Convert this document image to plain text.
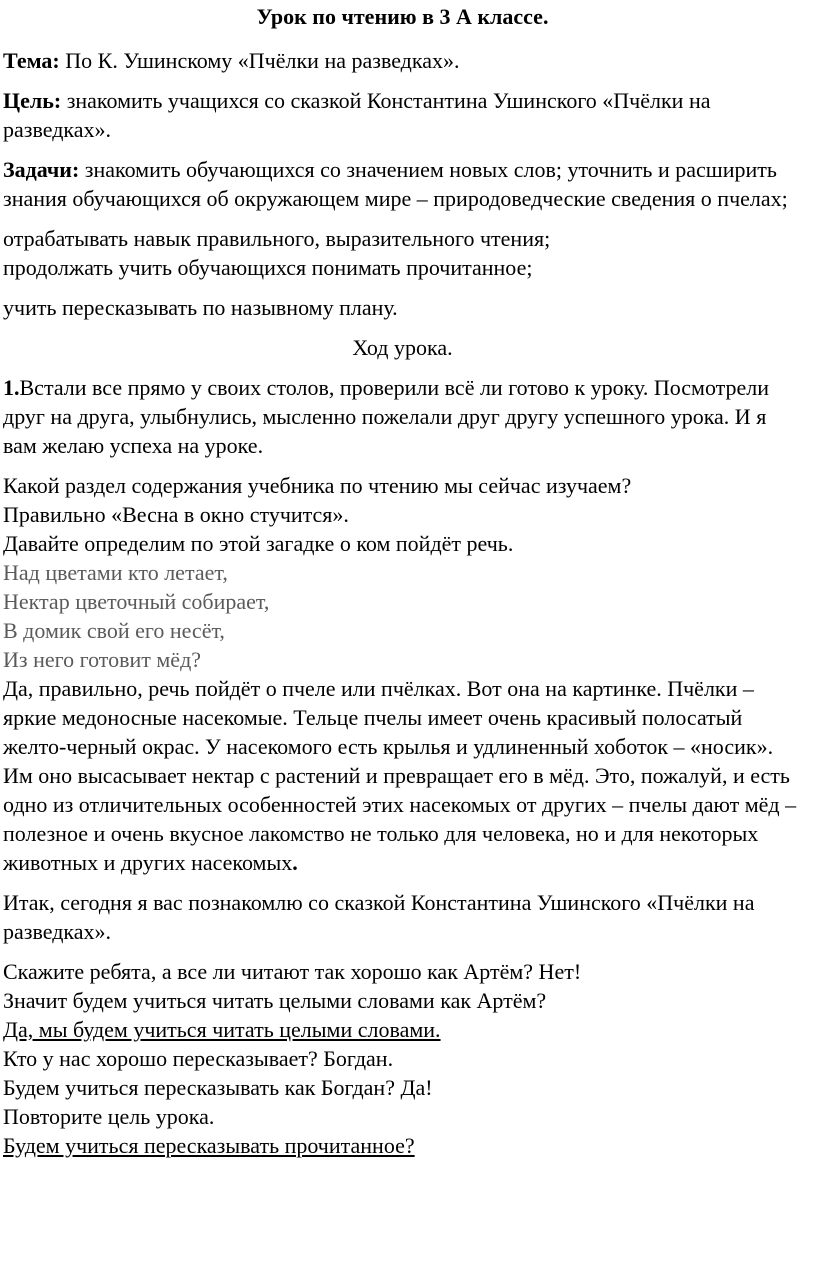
Урок по чтению в 3 А классе.

Тема: По К. Ушинскому «Пчёлки на разведках».

Цель: знакомить учащихся со сказкой Константина Ушинского «Пчёлки на разведках».

Задачи: знакомить обучающихся со значением новых слов; уточнить и расширить знания обучающихся об окружающем мире – природоведческие сведения о пчелах;

отрабатывать навык правильного, выразительного чтения;

продолжать учить обучающихся понимать прочитанное;

учить пересказывать по назывному плану.

Ход урока.

1.Встали все прямо у своих столов, проверили всё ли готово к уроку. Посмотрели друг на друга, улыбнулись, мысленно пожелали друг другу успешного урока. И я вам желаю успеха на уроке.

Какой раздел содержания учебника по чтению мы сейчас изучаем?

Правильно «Весна в окно стучится».

Давайте определим по этой загадке о ком пойдёт речь.

Над цветами кто летает,

Нектар цветочный собирает,

В домик свой его несёт,

Из него готовит мёд?

Да, правильно, речь пойдёт о пчеле или пчёлках. Вот она на картинке. Пчёлки – яркие медоносные насекомые. Тельце пчелы имеет очень красивый полосатый желто-черный окрас. У насекомого есть крылья и удлиненный хоботок – «носик». Им оно высасывает нектар с растений и превращает его в мёд. Это, пожалуй, и есть одно из отличительных особенностей этих насекомых от других – пчелы дают мёд – полезное и очень вкусное лакомство не только для человека, но и для некоторых животных и других насекомых.

Итак, сегодня я вас познакомлю со сказкой Константина Ушинского «Пчёлки на разведках».

Скажите ребята, а все ли читают так хорошо как Артём? Нет!

Значит будем учиться читать целыми словами как Артём?

Да, мы будем учиться читать целыми словами.

Кто у нас хорошо пересказывает? Богдан.

Будем учиться пересказывать как Богдан? Да!

Повторите цель урока.

Будем учиться пересказывать прочитанное?
